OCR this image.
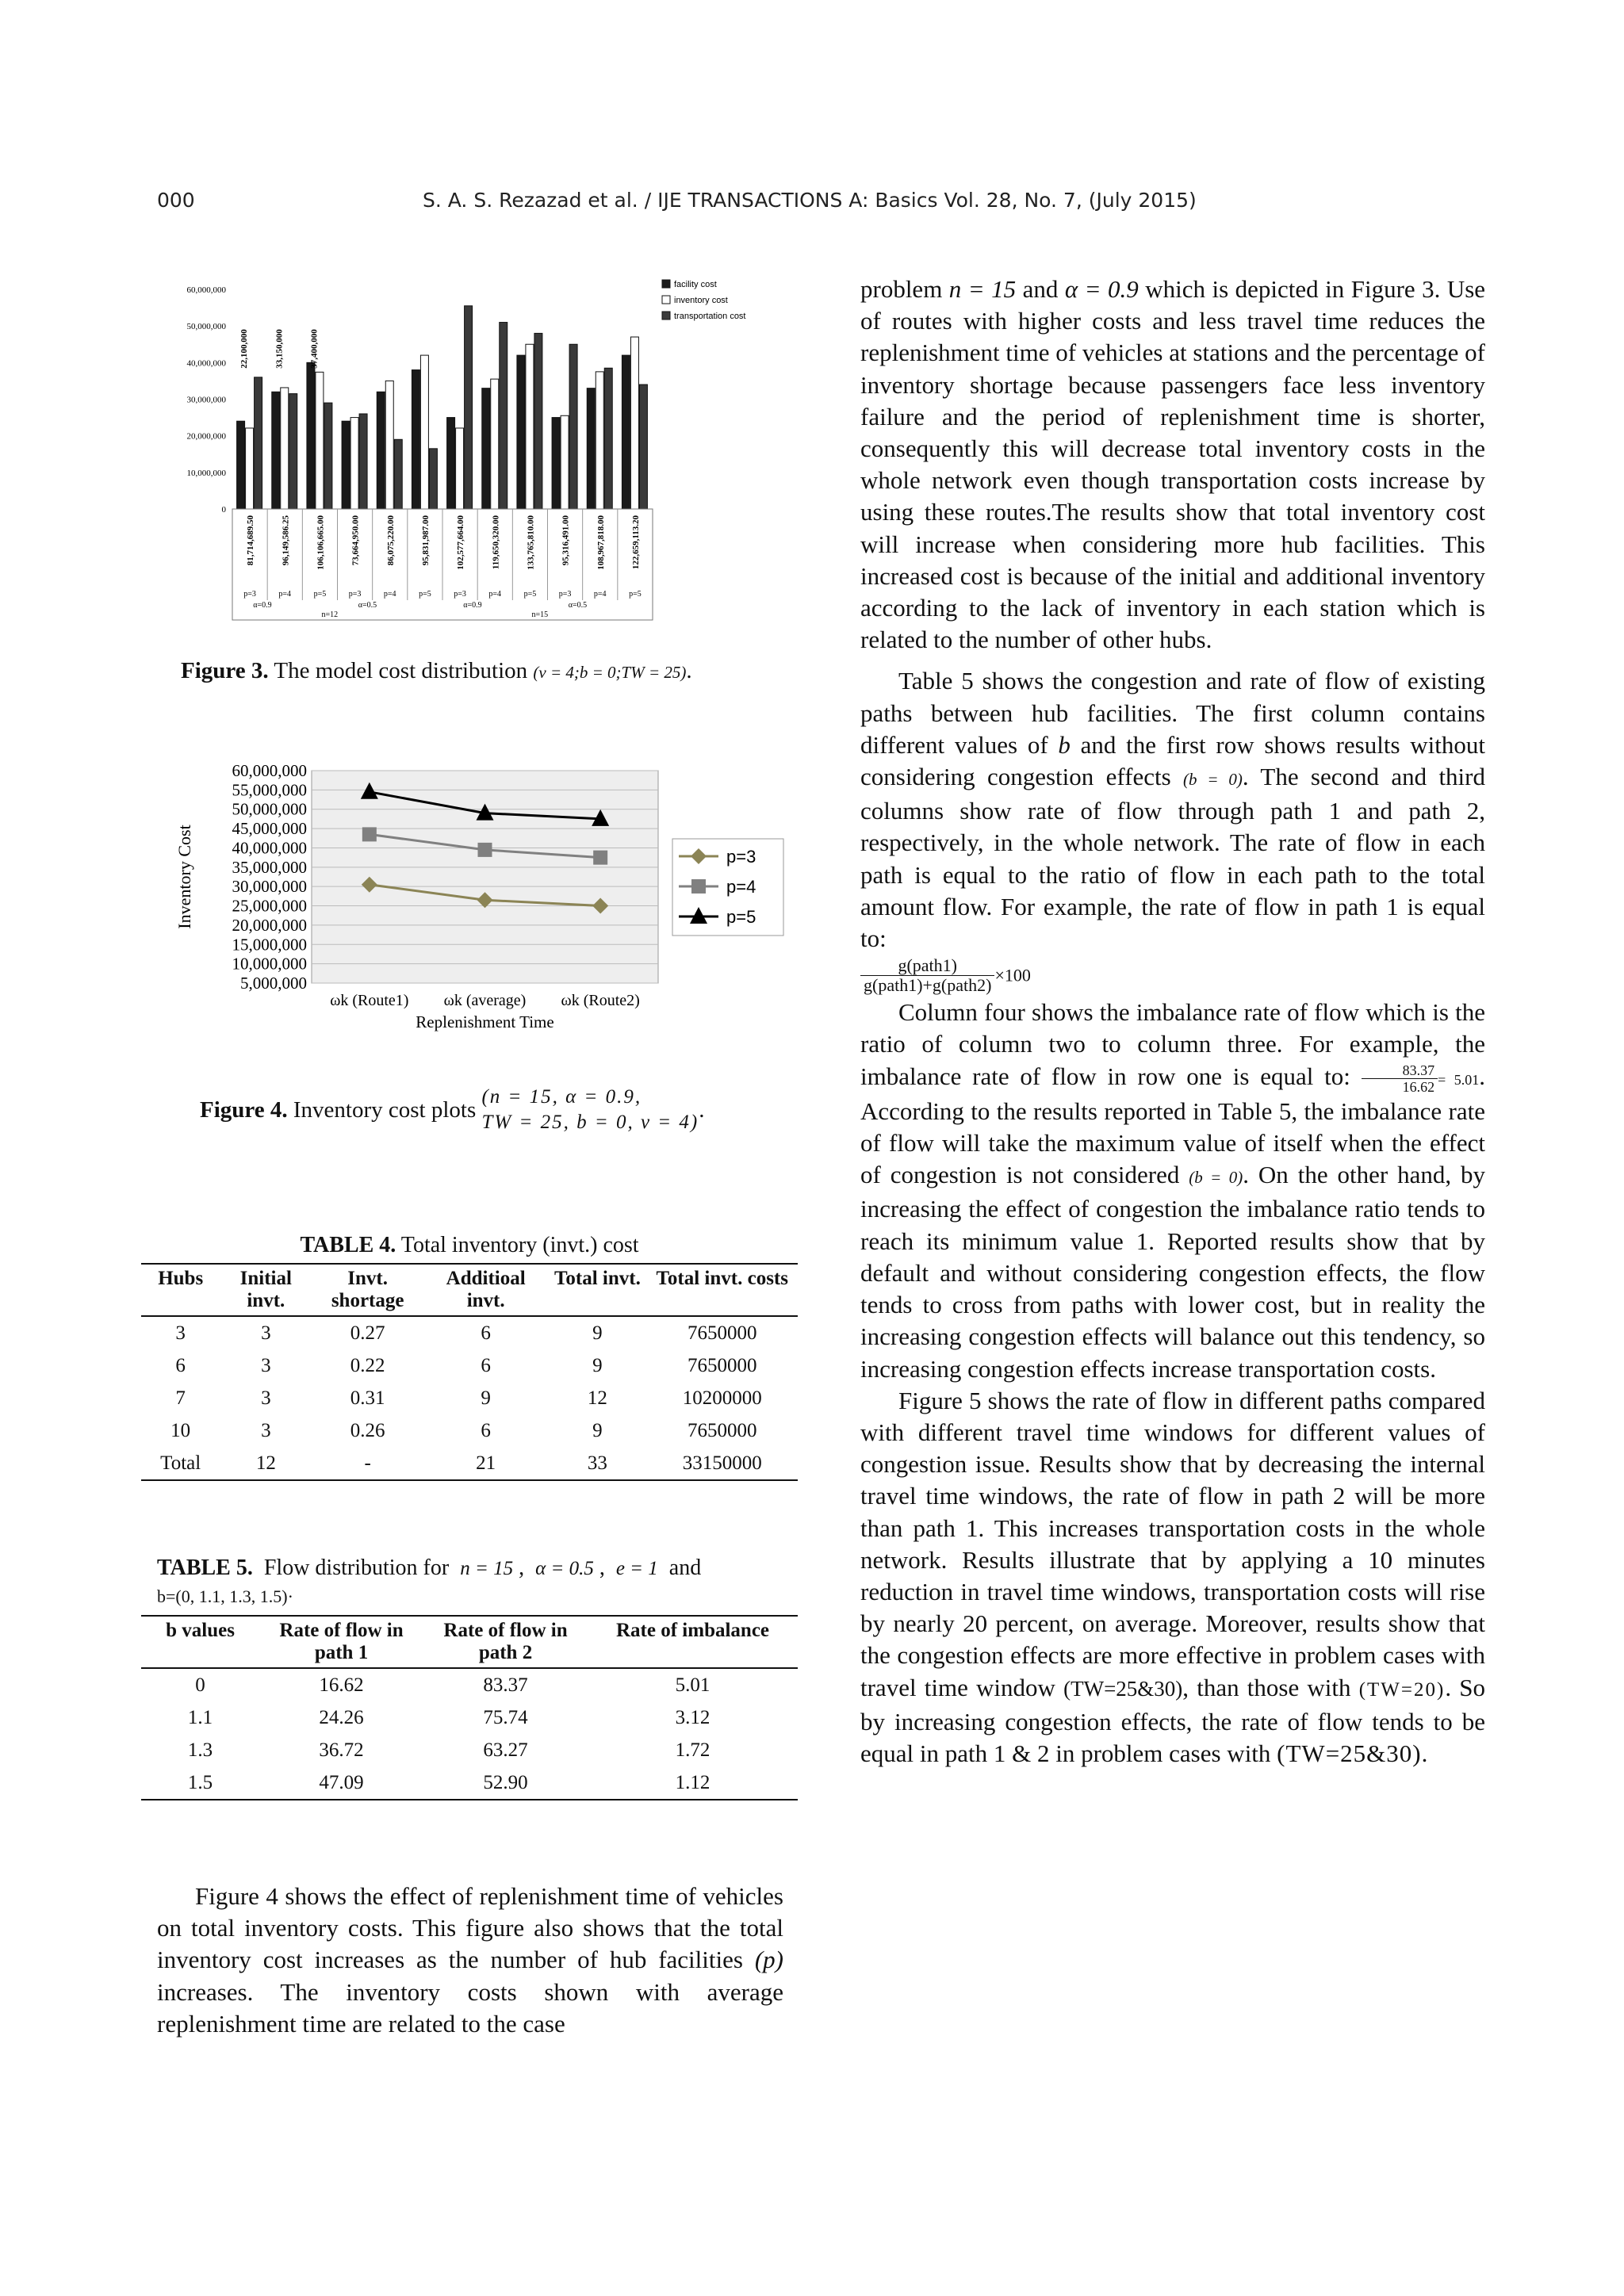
000	S. A. S. Rezazad et al. / IJE TRANSACTIONS A: Basics Vol. 28, No. 7, (July 2015)
0
10,000,000
20,000,000
30,000,000
40,000,000
50,000,000
60,000,000
81,714,689.50
p=3
96,149,586.25
p=4
106,106,665.00
p=5
73,664,950.00
p=3
86,075,220.00
p=4
95,831,987.00
p=5
102,577,664.00
p=3
119,650,320.00
p=4
133,765,810.00
p=5
95,316,491.00
p=3
108,967,818.00
p=4
122,659,113.20
p=5
α=0.9	α=0.5	α=0.9	α=0.5
n=12	n=15
22,100,000	33,150,000	37,400,000
facility cost
inventory cost
transportation cost
Figure 3. The model cost distribution (v = 4;b = 0;TW = 25).
5,000,000
10,000,000
15,000,000
20,000,000
25,000,000
30,000,000
35,000,000
40,000,000
45,000,000
50,000,000
55,000,000
60,000,000
ωk (Route1) ωk (average) ωk (Route2)
Replenishment Time
Inventory Cost	p=3
p=4
p=5
Figure 4.
Inventory cost plots
(n = 15, α = 0.9,
TW = 25, b = 0, v = 4) .
TABLE 4. Total inventory (invt.) cost
Hubs	Initial invt.	Invt. shortage	Additioal invt.	Total invt.	Total invt. costs
3	3	0.27	6	9	7650000
6	3	0.22	6	9	7650000
7	3	0.31	9	12	10200000
10	3	0.26	6	9	7650000
Total	12	-	21	33	33150000
TABLE 5. Flow distribution for n = 15 ,  α = 0.5 ,  e = 1 and
b=(0, 1.1, 1.3, 1.5)·
b values	Rate of flow in path 1	Rate of flow in path 2	Rate of imbalance
0	16.62	83.37	5.01
1.1	24.26	75.74	3.12
1.3	36.72	63.27	1.72
1.5	47.09	52.90	1.12

Figure 4 shows the effect of replenishment time of vehicles on total inventory costs. This figure also shows that the total inventory cost increases as the number of hub facilities (p) increases. The inventory costs shown with average replenishment time are related to the case

problem n = 15 and α = 0.9 which is depicted in Figure 3. Use of routes with higher costs and less travel time reduces the replenishment time of vehicles at stations and the percentage of inventory shortage because passengers face less inventory failure and the period of replenishment time is shorter, consequently this will decrease total inventory costs in the whole network even though transportation costs increase by using these routes.The results show that total inventory cost will increase when considering more hub facilities. This increased cost is because of the initial and additional inventory according to the lack of inventory in each station which is related to the number of other hubs.

Table 5 shows the congestion and rate of flow of existing paths between hub facilities. The first column contains different values of b and the first row shows results without considering congestion effects (b = 0). The second and third columns show rate of flow through path 1 and path 2, respectively, in the whole network. The rate of flow in each path is equal to the ratio of flow in each path to the total amount flow. For example, the rate of flow in path 1 is equal to:
$\frac{\text{g(path1)}}{\text{g(path1)+g(path2)}} \times 100$

Column four shows the imbalance rate of flow which is the ratio of column two to column three. For example, the imbalance rate of flow in row one is equal to: $\frac{83.37}{16.62} = 5.01$. According to the results reported in Table 5, the imbalance rate of flow will take the maximum value of itself when the effect of congestion is not considered (b = 0). On the other hand, by increasing the effect of congestion the imbalance ratio tends to reach its minimum value 1. Reported results show that by default and without considering congestion effects, the flow tends to cross from paths with lower cost, but in reality the increasing congestion effects will balance out this tendency, so increasing congestion effects increase transportation costs.

Figure 5 shows the rate of flow in different paths compared with different travel time windows for different values of congestion issue. Results show that by decreasing the internal travel time windows, the rate of flow in path 2 will be more than path 1. This increases transportation costs in the whole network. Results illustrate that by applying a 10 minutes reduction in travel time windows, transportation costs will rise by nearly 20 percent, on average. Moreover, results show that the congestion effects are more effective in problem cases with travel time window (TW=25&30), than those with (TW=20). So by increasing congestion effects, the rate of flow tends to be equal in path 1 & 2 in problem cases with (TW=25&30).
